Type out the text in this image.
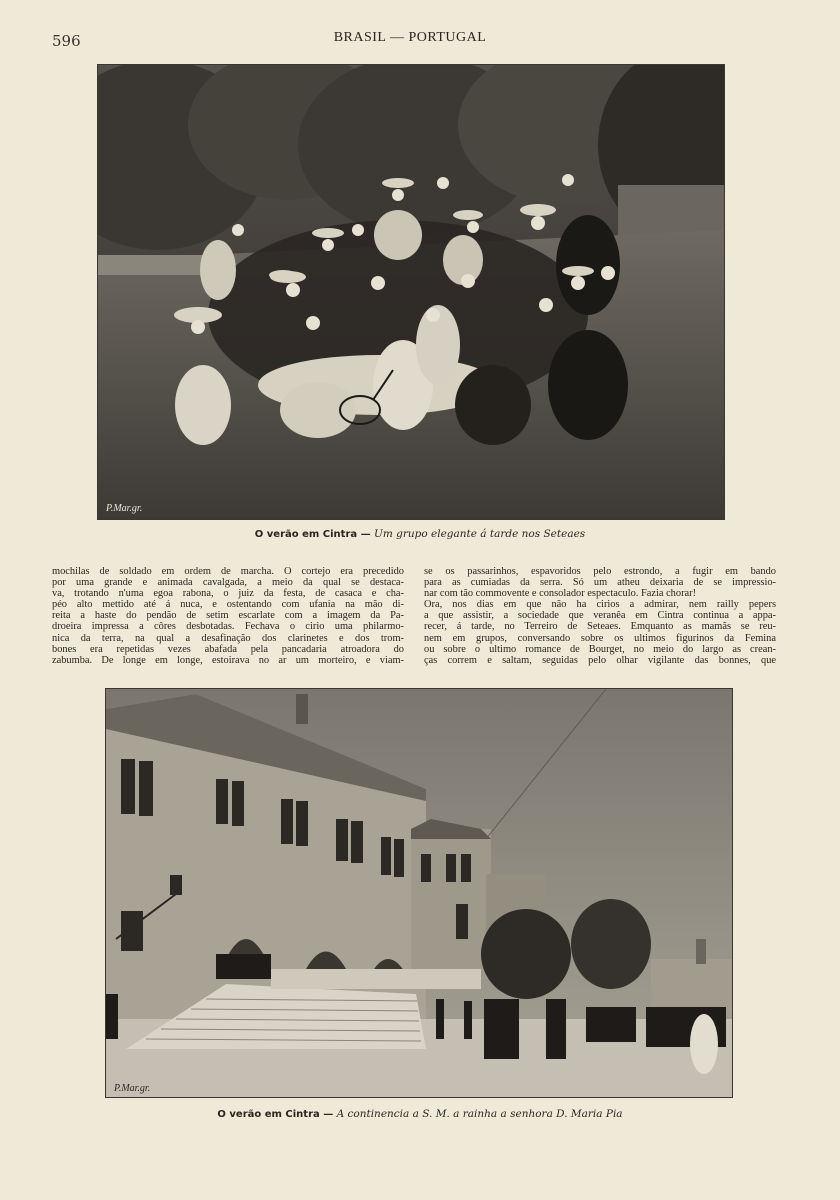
596	BRASIL — PORTUGAL
P.Mar.gr.
O verão em Cintra — Um grupo elegante á tarde nos Seteaes
mochilas de soldado em ordem de marcha. O cortejo era precedido
por uma grande e animada cavalgada, a meio da qual se destaca-
va, trotando n'uma egoa rabona, o juiz da festa, de casaca e cha-
péo alto mettido até á nuca, e ostentando com ufania na mão di-
reita a haste do pendão de setim escarlate com a imagem da Pa-
droeira impressa a côres desbotadas. Fechava o cirio uma philarmo-
nica da terra, na qual a desafinação dos clarinetes e dos trom-
bones era repetidas vezes abafada pela pancadaria atroadora do
zabumba. De longe em longe, estoirava no ar um morteiro, e viam-
se os passarinhos, espavoridos pelo estrondo, a fugir em bando
para as cumiadas da serra. Só um atheu deixaria de se impressio-
nar com tão commovente e consolador espectaculo. Fazia chorar!
Ora, nos dias em que não ha cirios a admirar, nem railly pepers
a que assistir, a sociedade que veranêa em Cintra continua a appa-
recer, á tarde, no Terreiro de Seteaes. Emquanto as mamãs se reu-
nem em grupos, conversando sobre os ultimos figurinos da Femina
ou sobre o ultimo romance de Bourget, no meio do largo as crean-
ças correm e saltam, seguidas pelo olhar vigilante das bonnes, que
P.Mar.gr.
O verão em Cintra — A continencia a S. M. a rainha a senhora D. Maria Pia
